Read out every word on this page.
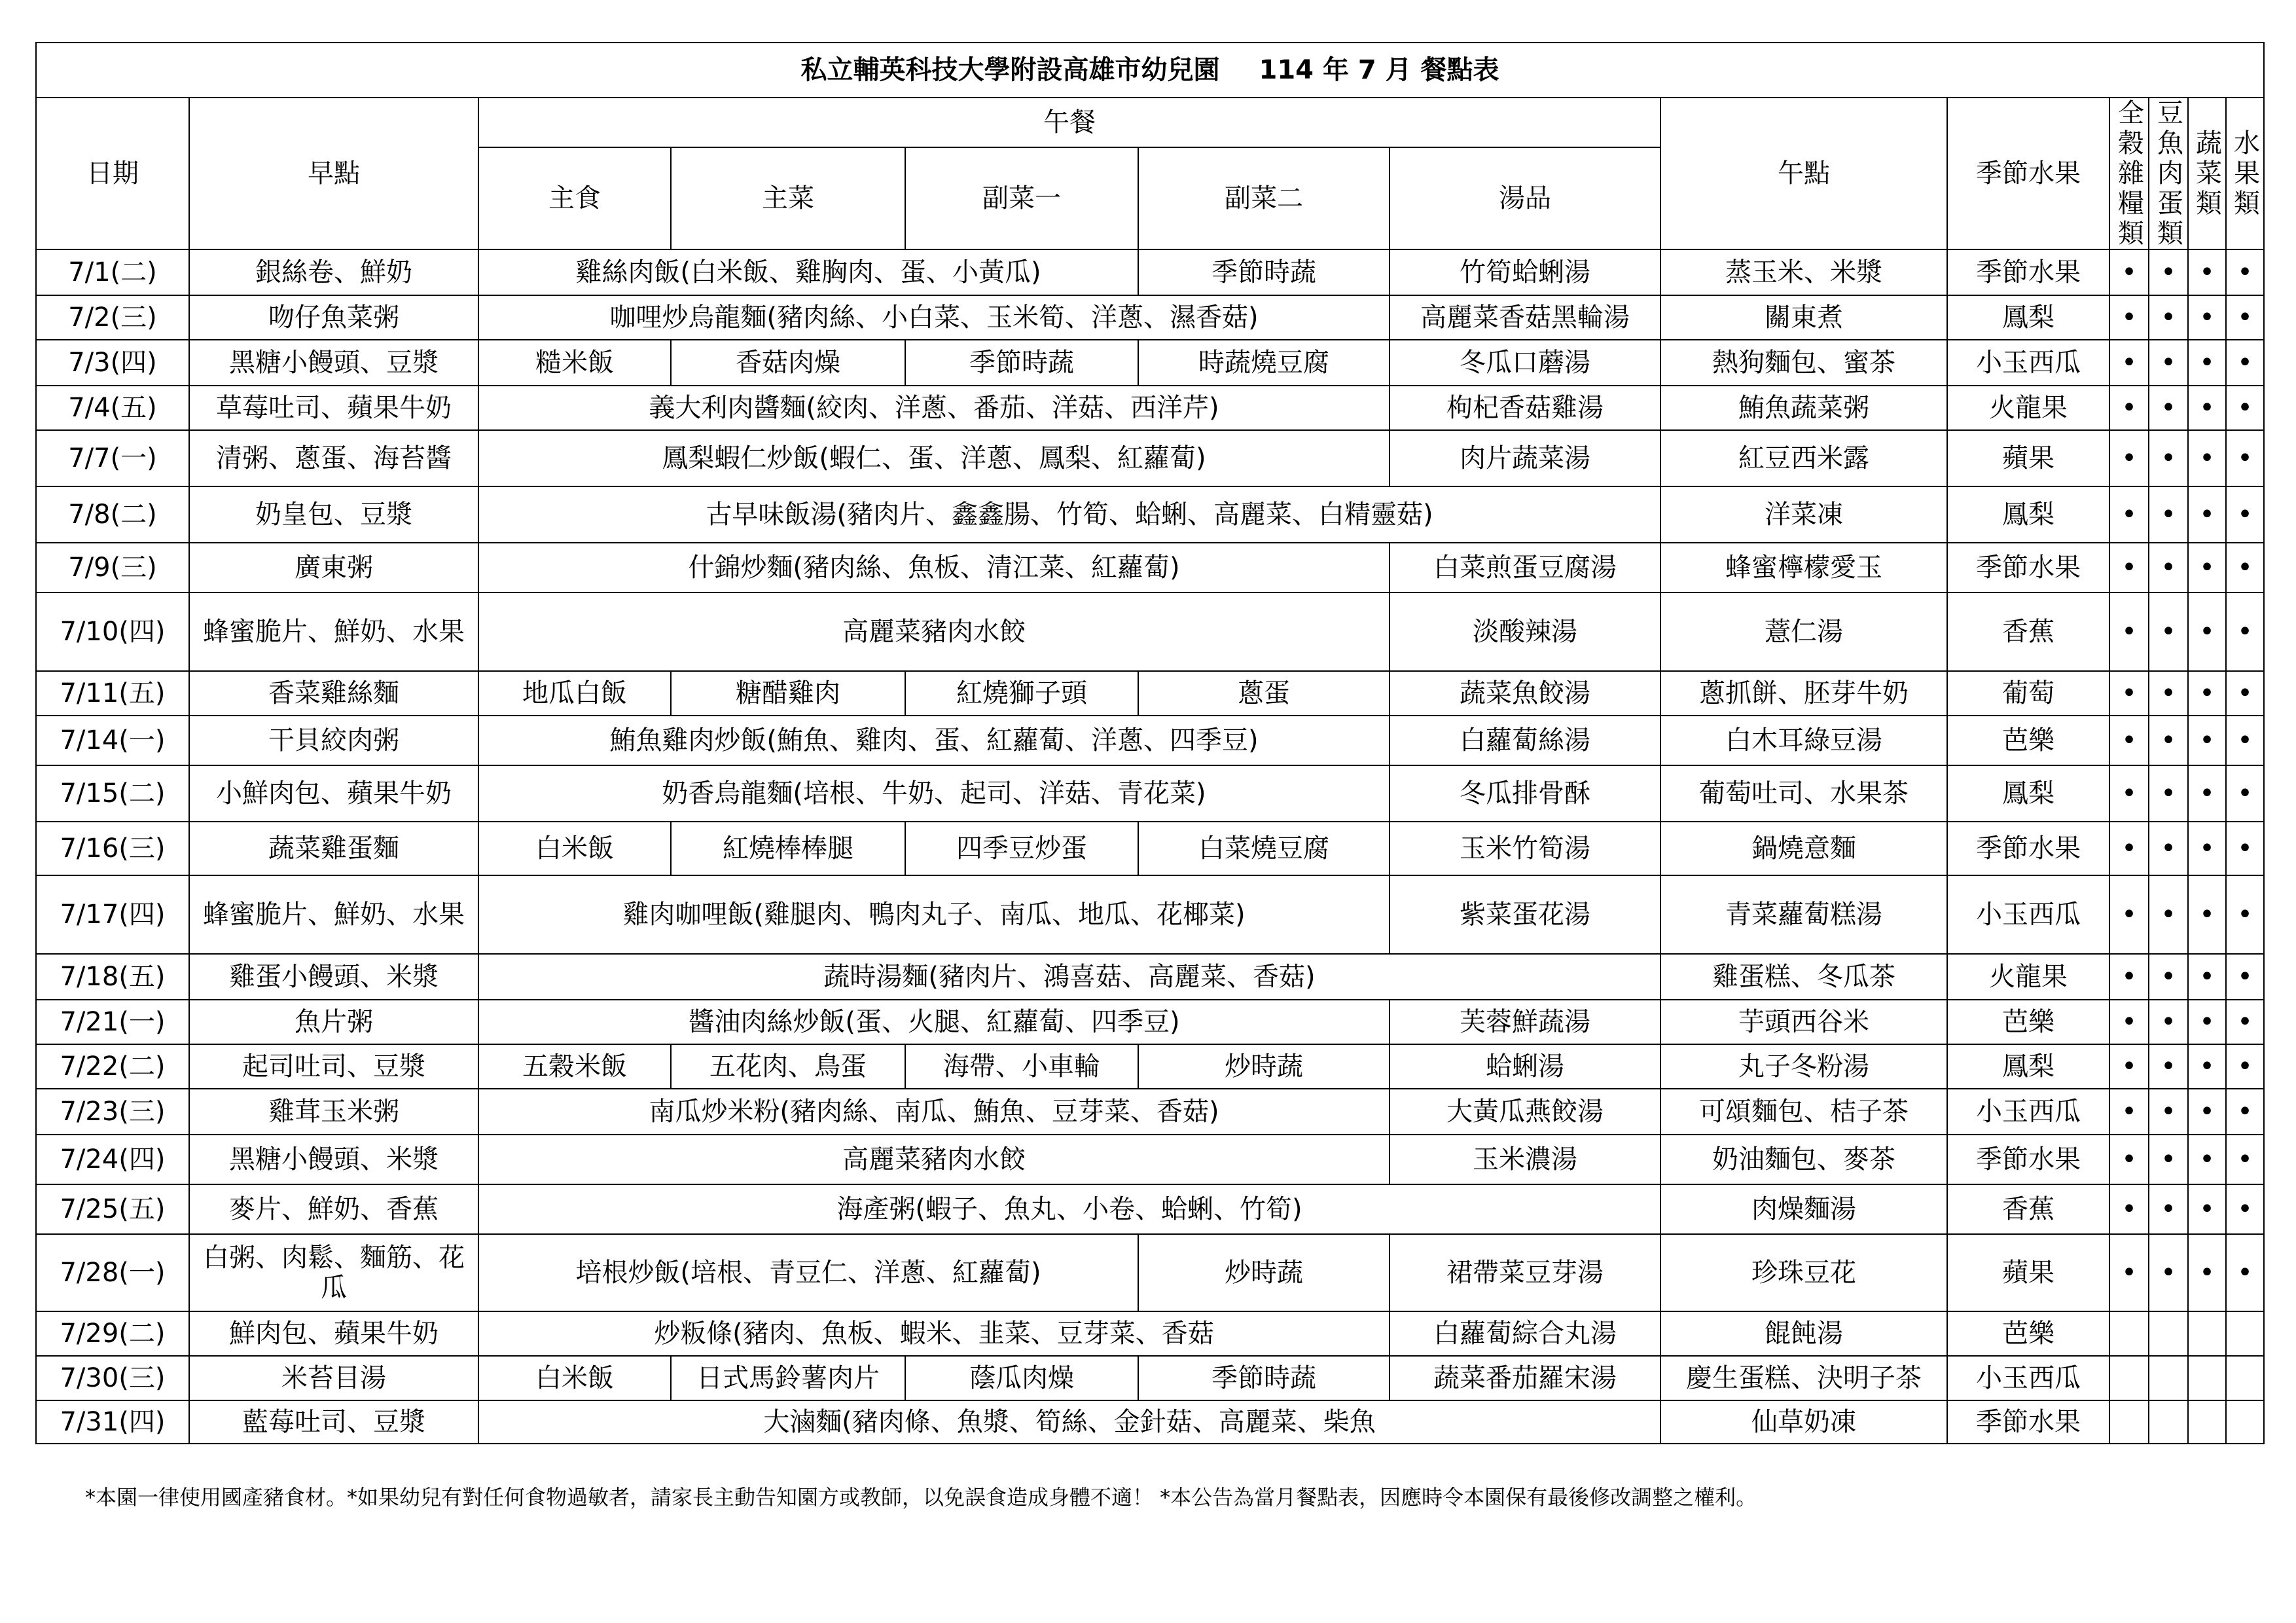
私立輔英科技大學附設高雄市幼兒園 114 年 7 月 餐點表												
日期	早點	午餐					午點	季節水果	全穀雜糧類	豆魚肉蛋類	蔬菜類	水果類
		主食	主菜	副菜一	副菜二	湯品						
7/1(二)	銀絲卷、鮮奶	雞絲肉飯(白米飯、雞胸肉、蛋、小黃瓜)			季節時蔬	竹筍蛤蜊湯	蒸玉米、米漿	季節水果	•	•	•	•
7/2(三)	吻仔魚菜粥	咖哩炒烏龍麵(豬肉絲、小白菜、玉米筍、洋蔥、濕香菇)				高麗菜香菇黑輪湯	關東煮	鳳梨	•	•	•	•
7/3(四)	黑糖小饅頭、豆漿	糙米飯	香菇肉燥	季節時蔬	時蔬燒豆腐	冬瓜口蘑湯	熱狗麵包、蜜茶	小玉西瓜	•	•	•	•
7/4(五)	草莓吐司、蘋果牛奶	義大利肉醬麵(絞肉、洋蔥、番茄、洋菇、西洋芹)				枸杞香菇雞湯	鮪魚蔬菜粥	火龍果	•	•	•	•
7/7(一)	清粥、蔥蛋、海苔醬	鳳梨蝦仁炒飯(蝦仁、蛋、洋蔥、鳳梨、紅蘿蔔)				肉片蔬菜湯	紅豆西米露	蘋果	•	•	•	•
7/8(二)	奶皇包、豆漿	古早味飯湯(豬肉片、鑫鑫腸、竹筍、蛤蜊、高麗菜、白精靈菇)					洋菜凍	鳳梨	•	•	•	•
7/9(三)	廣東粥	什錦炒麵(豬肉絲、魚板、清江菜、紅蘿蔔)				白菜煎蛋豆腐湯	蜂蜜檸檬愛玉	季節水果	•	•	•	•
7/10(四)	蜂蜜脆片、鮮奶、水果	高麗菜豬肉水餃				淡酸辣湯	薏仁湯	香蕉	•	•	•	•
7/11(五)	香菜雞絲麵	地瓜白飯	糖醋雞肉	紅燒獅子頭	蔥蛋	蔬菜魚餃湯	蔥抓餅、胚芽牛奶	葡萄	•	•	•	•
7/14(一)	干貝絞肉粥	鮪魚雞肉炒飯(鮪魚、雞肉、蛋、紅蘿蔔、洋蔥、四季豆)				白蘿蔔絲湯	白木耳綠豆湯	芭樂	•	•	•	•
7/15(二)	小鮮肉包、蘋果牛奶	奶香烏龍麵(培根、牛奶、起司、洋菇、青花菜)				冬瓜排骨酥	葡萄吐司、水果茶	鳳梨	•	•	•	•
7/16(三)	蔬菜雞蛋麵	白米飯	紅燒棒棒腿	四季豆炒蛋	白菜燒豆腐	玉米竹筍湯	鍋燒意麵	季節水果	•	•	•	•
7/17(四)	蜂蜜脆片、鮮奶、水果	雞肉咖哩飯(雞腿肉、鴨肉丸子、南瓜、地瓜、花椰菜)				紫菜蛋花湯	青菜蘿蔔糕湯	小玉西瓜	•	•	•	•
7/18(五)	雞蛋小饅頭、米漿	蔬時湯麵(豬肉片、鴻喜菇、高麗菜、香菇)					雞蛋糕、冬瓜茶	火龍果	•	•	•	•
7/21(一)	魚片粥	醬油肉絲炒飯(蛋、火腿、紅蘿蔔、四季豆)				芙蓉鮮蔬湯	芋頭西谷米	芭樂	•	•	•	•
7/22(二)	起司吐司、豆漿	五穀米飯	五花肉、鳥蛋	海帶、小車輪	炒時蔬	蛤蜊湯	丸子冬粉湯	鳳梨	•	•	•	•
7/23(三)	雞茸玉米粥	南瓜炒米粉(豬肉絲、南瓜、鮪魚、豆芽菜、香菇)				大黃瓜燕餃湯	可頌麵包、桔子茶	小玉西瓜	•	•	•	•
7/24(四)	黑糖小饅頭、米漿	高麗菜豬肉水餃				玉米濃湯	奶油麵包、麥茶	季節水果	•	•	•	•
7/25(五)	麥片、鮮奶、香蕉	海產粥(蝦子、魚丸、小卷、蛤蜊、竹筍)					肉燥麵湯	香蕉	•	•	•	•
7/28(一)	白粥、肉鬆、麵筋、花瓜	培根炒飯(培根、青豆仁、洋蔥、紅蘿蔔)			炒時蔬	裙帶菜豆芽湯	珍珠豆花	蘋果	•	•	•	•
7/29(二)	鮮肉包、蘋果牛奶	炒粄條(豬肉、魚板、蝦米、韭菜、豆芽菜、香菇				白蘿蔔綜合丸湯	餛飩湯	芭樂				
7/30(三)	米苔目湯	白米飯	日式馬鈴薯肉片	蔭瓜肉燥	季節時蔬	蔬菜番茄羅宋湯	慶生蛋糕、決明子茶	小玉西瓜				
7/31(四)	藍莓吐司、豆漿	大滷麵(豬肉條、魚漿、筍絲、金針菇、高麗菜、柴魚					仙草奶凍	季節水果				
*本園一律使用國產豬食材。*如果幼兒有對任何食物過敏者，請家長主動告知園方或教師，以免誤食造成身體不適！ *本公告為當月餐點表，因應時令本園保有最後修改調整之權利。
